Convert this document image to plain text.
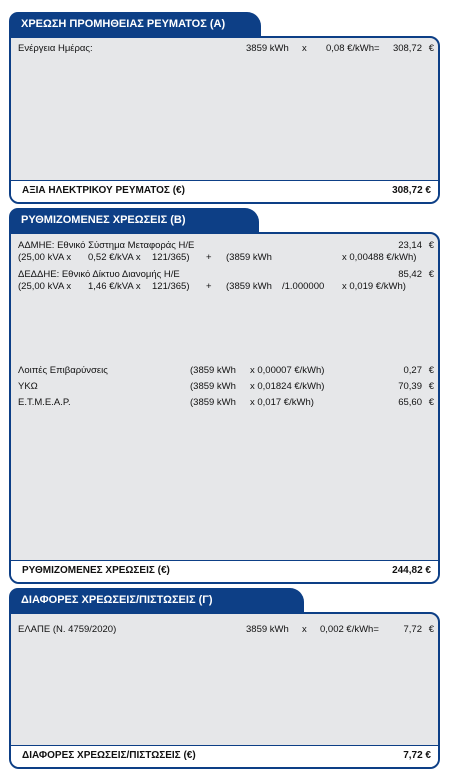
ΧΡΕΩΣΗ ΠΡΟΜΗΘΕΙΑΣ ΡΕΥΜΑΤΟΣ (Α)
Ενέργεια Ημέρας:	3859 kWh x 0,08 €/kWh= 308,72 €
ΑΞΙΑ ΗΛΕΚΤΡΙΚΟΥ ΡΕΥΜΑΤΟΣ (€)	308,72 €
ΡΥΘΜΙΖΟΜΕΝΕΣ ΧΡΕΩΣΕΙΣ (Β)
ΑΔΜΗΕ: Εθνικό Σύστημα Μεταφοράς Η/Ε	23,14 €
(25,00 kVA x 0,52 €/kVA x 121/365) + (3859 kWh	x 0,00488 €/kWh)
ΔΕΔΔΗΕ: Εθνικό Δίκτυο Διανομής Η/Ε	85,42 €
(25,00 kVA x 1,46 €/kVA x 121/365) + (3859 kWh /1.000000 x 0,019 €/kWh)
Λοιπές Επιβαρύνσεις	(3859 kWh x 0,00007 €/kWh)	0,27 €
ΥΚΩ	(3859 kWh x 0,01824 €/kWh)	70,39 €
Ε.Τ.Μ.Ε.Α.Ρ.	(3859 kWh x 0,017 €/kWh)	65,60 €
ΡΥΘΜΙΖΟΜΕΝΕΣ ΧΡΕΩΣΕΙΣ (€)	244,82 €
ΔΙΑΦΟΡΕΣ ΧΡΕΩΣΕΙΣ/ΠΙΣΤΩΣΕΙΣ (Γ)
ΕΛΑΠΕ (Ν. 4759/2020)	3859 kWh x 0,002 €/kWh=	7,72 €
ΔΙΑΦΟΡΕΣ ΧΡΕΩΣΕΙΣ/ΠΙΣΤΩΣΕΙΣ (€)	7,72 €
